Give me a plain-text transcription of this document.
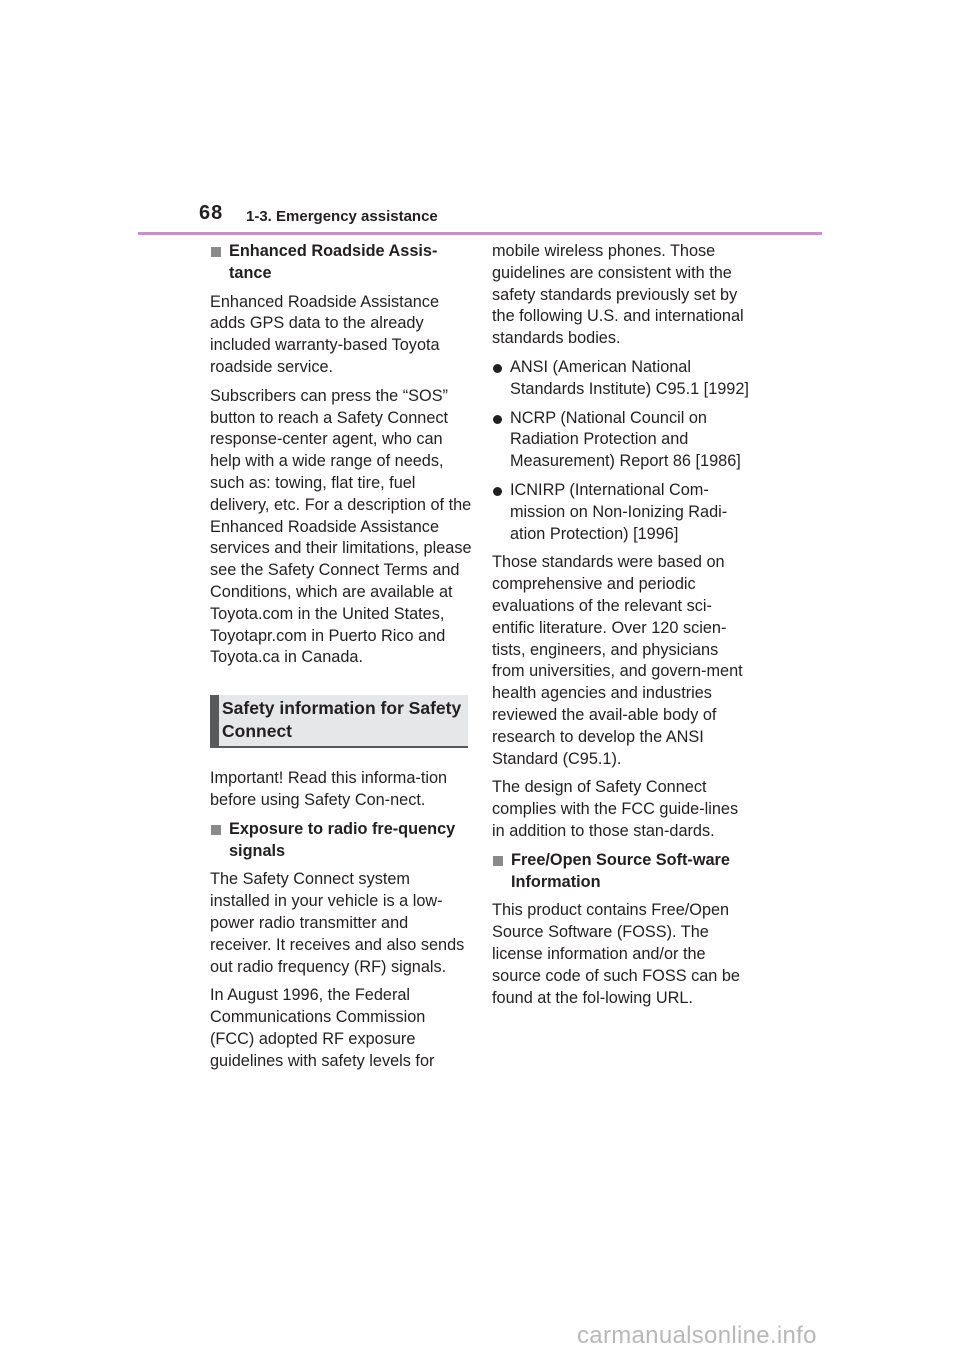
68 1-3. Emergency assistance
Enhanced Roadside Assis-tance

Enhanced Roadside Assistance adds GPS data to the already included warranty-based Toyota roadside service.

Subscribers can press the “SOS” button to reach a Safety Connect response-center agent, who can help with a wide range of needs, such as: towing, flat tire, fuel delivery, etc. For a description of the Enhanced Roadside Assistance services and their limitations, please see the Safety Connect Terms and Conditions, which are available at Toyota.com in the United States, Toyotapr.com in Puerto Rico and Toyota.ca in Canada.

Safety information for Safety Connect

Important! Read this informa-tion before using Safety Con-nect.

Exposure to radio fre-quency signals

The Safety Connect system installed in your vehicle is a low-power radio transmitter and receiver. It receives and also sends out radio frequency (RF) signals.

In August 1996, the Federal Communications Commission (FCC) adopted RF exposure guidelines with safety levels for

mobile wireless phones. Those guidelines are consistent with the safety standards previously set by the following U.S. and international standards bodies.

ANSI (American National Standards Institute) C95.1 [1992]
NCRP (National Council on Radiation Protection and Measurement) Report 86 [1986]
ICNIRP (International Com-mission on Non-Ionizing Radi-ation Protection) [1996]

Those standards were based on comprehensive and periodic evaluations of the relevant sci-entific literature. Over 120 scien-tists, engineers, and physicians from universities, and govern-ment health agencies and industries reviewed the avail-able body of research to develop the ANSI Standard (C95.1).

The design of Safety Connect complies with the FCC guide-lines in addition to those stan-dards.

Free/Open Source Soft-ware Information

This product contains Free/Open Source Software (FOSS). The license information and/or the source code of such FOSS can be found at the fol-lowing URL.

carmanualsonline.info
